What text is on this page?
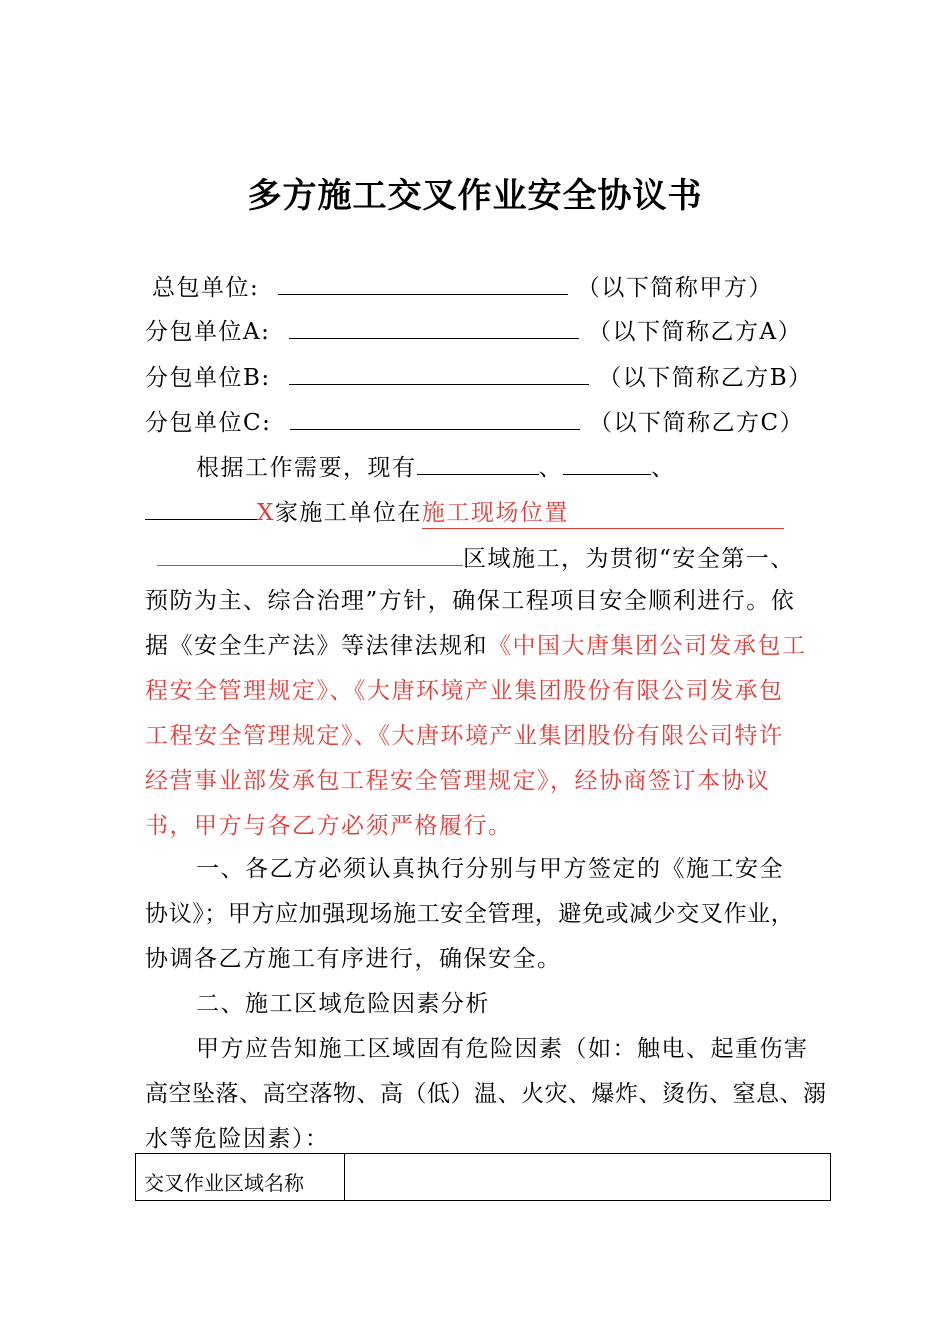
多方施工交叉作业安全协议书
总包单位:	（以下简称甲方）
分包单位A:	（以下简称乙方A）
分包单位B:	（以下简称乙方B）
分包单位C:	（以下简称乙方C）
根据工作需要，现有	、	、
X家施工单位在施工现场位置
区域施工，为贯彻“安全第一、
预防为主、综合治理”方针，确保工程项目安全顺利进行。依
据《安全生产法》等法律法规和《中国大唐集团公司发承包工
程安全管理规定》、《大唐环境产业集团股份有限公司发承包
工程安全管理规定》、《大唐环境产业集团股份有限公司特许
经营事业部发承包工程安全管理规定》，经协商签订本协议
书，甲方与各乙方必须严格履行。
一、各乙方必须认真执行分别与甲方签定的《施工安全
协议》；甲方应加强现场施工安全管理，避免或减少交叉作业，
协调各乙方施工有序进行，确保安全。
二、施工区域危险因素分析
甲方应告知施工区域固有危险因素（如：触电、起重伤害
高空坠落、高空落物、高（低）温、火灾、爆炸、烫伤、窒息、溺
水等危险因素）：
交叉作业区域名称	
